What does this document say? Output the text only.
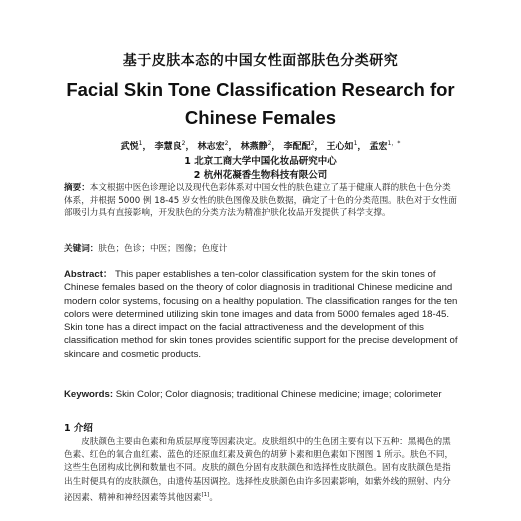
基于皮肤本态的中国女性面部肤色分类研究
Facial Skin Tone Classification Research for Chinese Females
武悦$^1$， 李慧良$^2$， 林志宏$^2$， 林燕静$^2$， 李配配$^2$， 王心如$^1$， 孟宏$^{1,*}$
1 北京工商大学中国化妆品研究中心
2 杭州花凝香生物科技有限公司
摘要：本文根据中医色诊理论以及现代色彩体系对中国女性的肤色建立了基于健康人群的肤色十色分类体系，并根据 5000 例 18-45 岁女性的肤色图像及肤色数据，确定了十色的分类范围。肤色对于女性面部吸引力具有直接影响，开发肤色的分类方法为精准护肤化妆品开发提供了科学支撑。
关键词：肤色；色诊；中医；图像；色度计
Abstract： This paper establishes a ten-color classification system for the skin tones of Chinese females based on the theory of color diagnosis in traditional Chinese medicine and modern color systems, focusing on a healthy population. The classification ranges for the ten colors were determined utilizing skin tone images and data from 5000 females aged 18-45. Skin tone has a direct impact on the facial attractiveness and the development of this classification method for skin tones provides scientific support for the precise development of skincare and cosmetic products.
Keywords: Skin Color; Color diagnosis; traditional Chinese medicine; image; colorimeter
1 介绍
　　皮肤颜色主要由色素和角质层厚度等因素决定。皮肤组织中的生色团主要有以下五种：黑褐色的黑色素、红色的氧合血红素、蓝色的还原血红素及黄色的胡萝卜素和胆色素如下图图 1 所示。肤色不同，这些生色团构成比例和数量也不同。皮肤的颜色分固有皮肤颜色和选择性皮肤颜色。固有皮肤颜色是指出生时便具有的皮肤颜色，由遗传基因调控。选择性皮肤颜色由许多因素影响，如紫外线的照射、内分泌因素、精神和神经因素等其他因素[1]。
